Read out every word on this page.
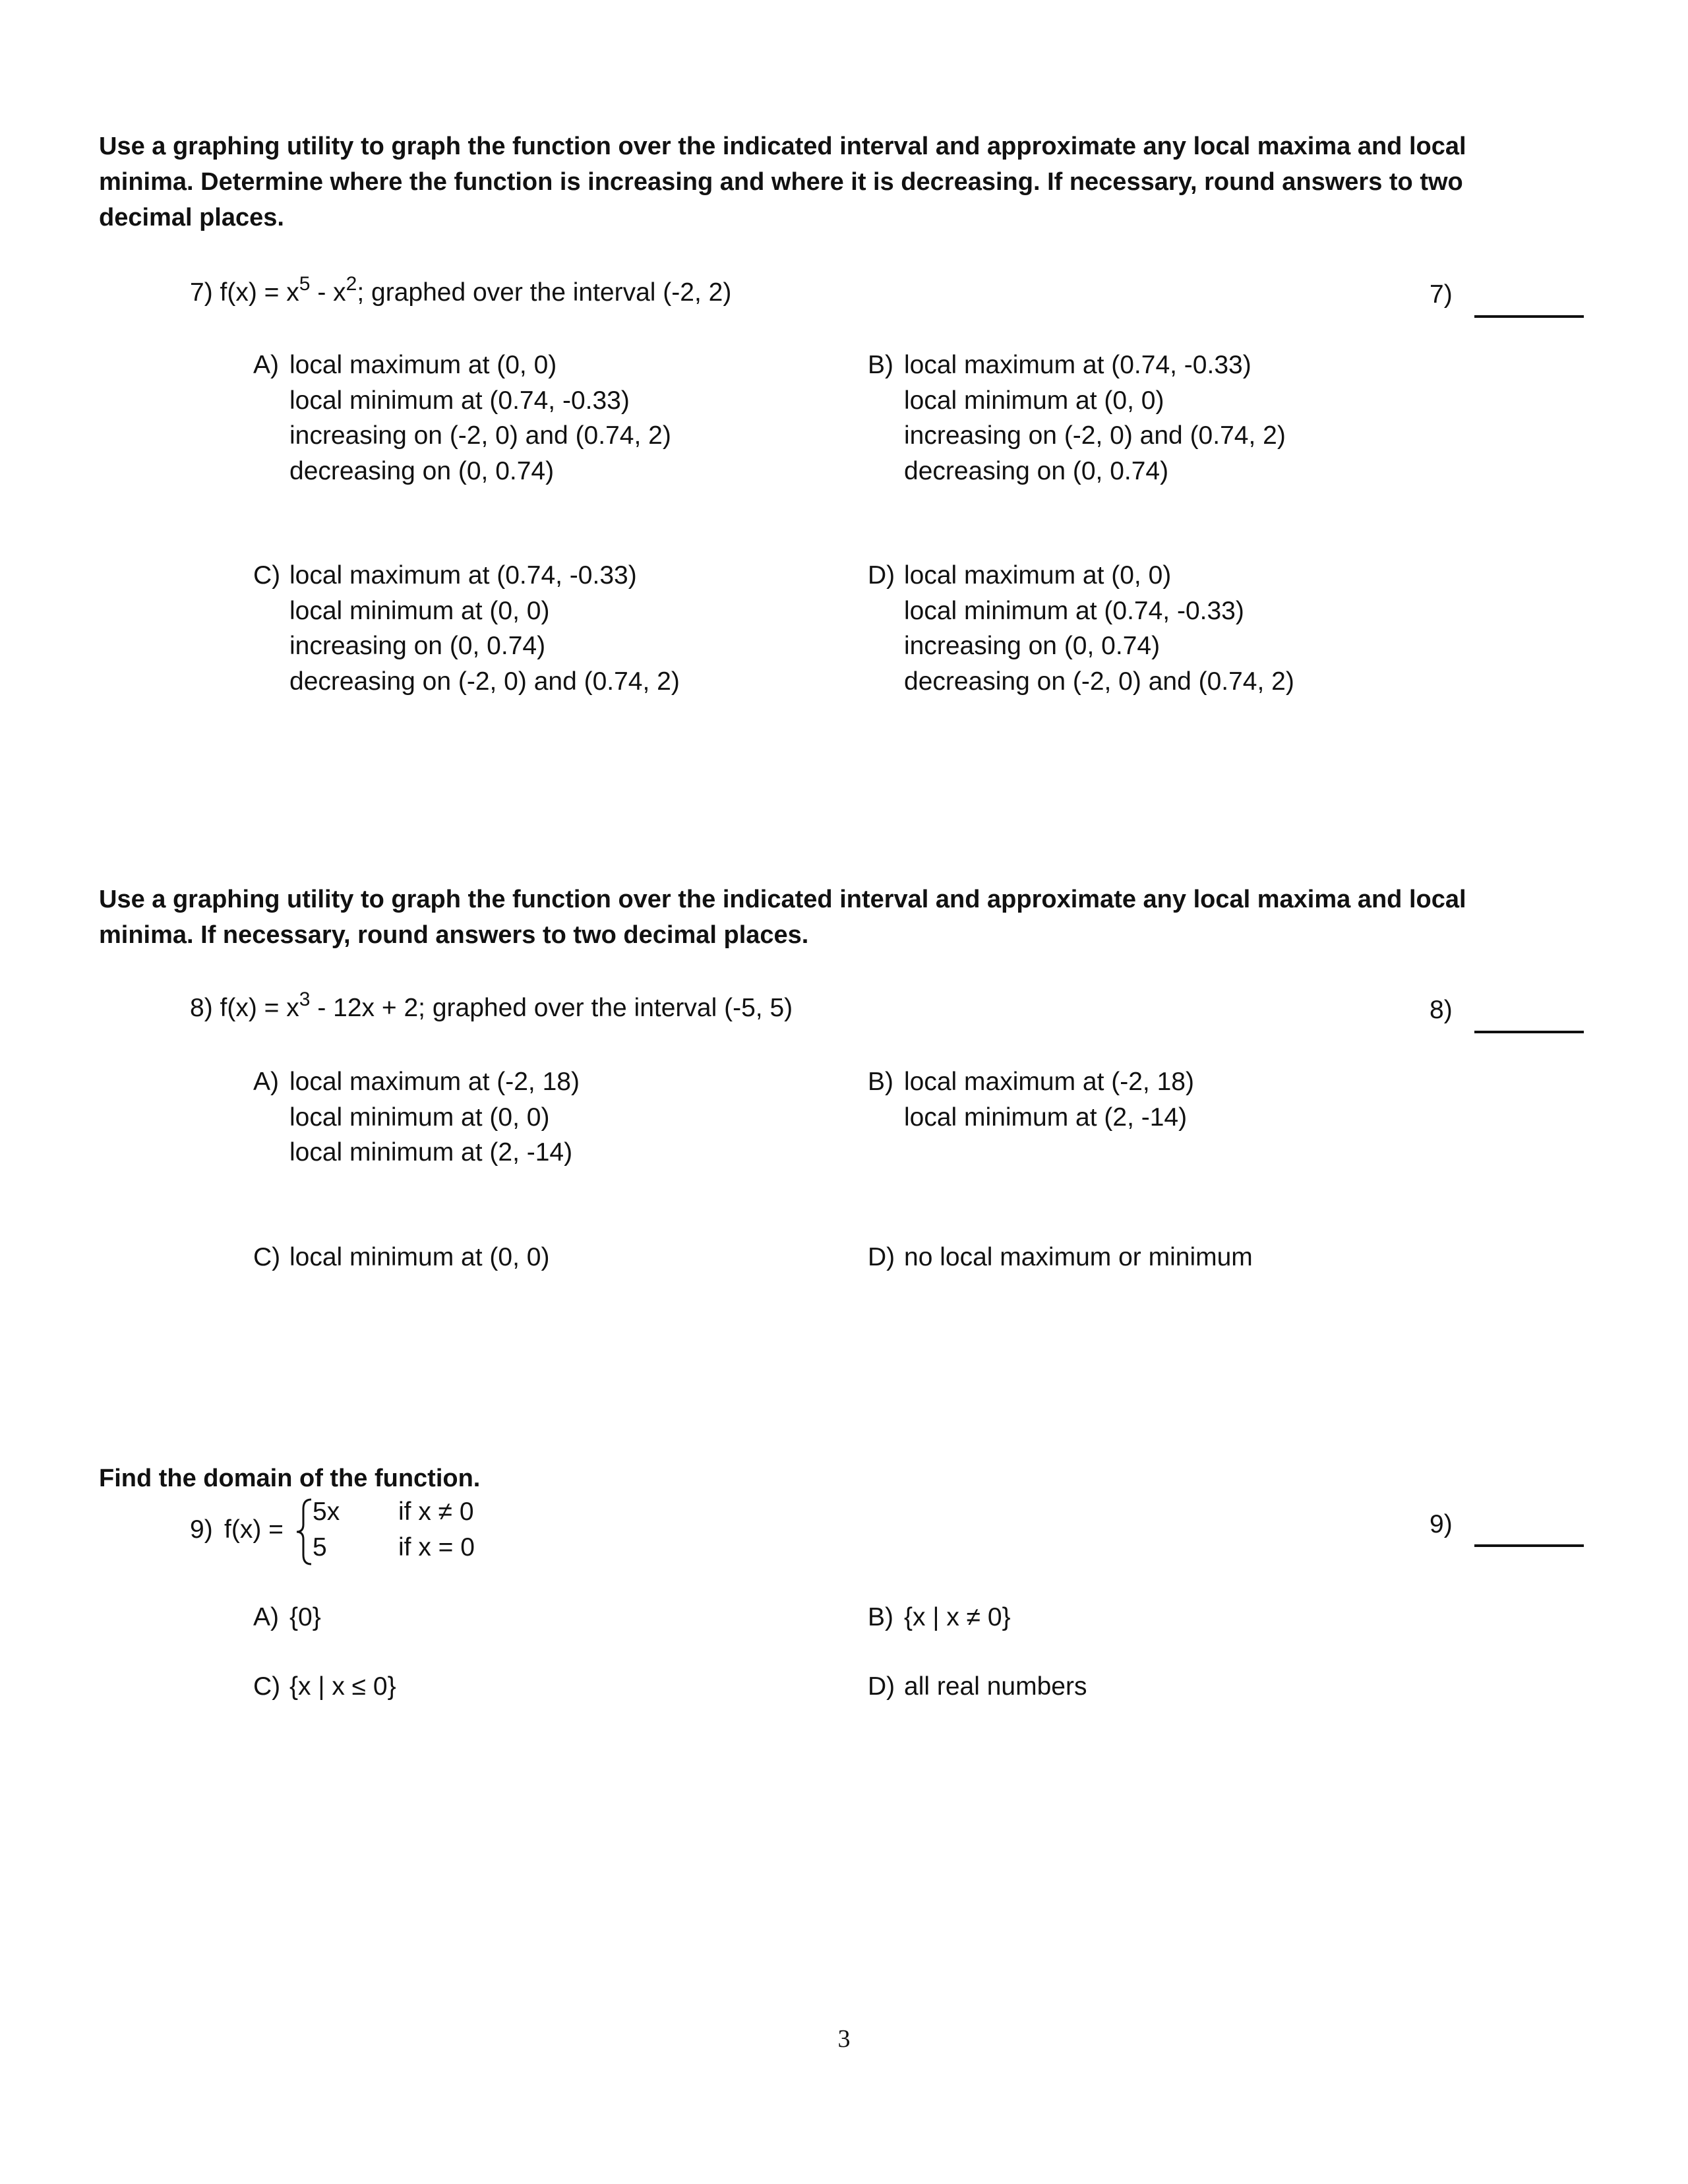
Use a graphing utility to graph the function over the indicated interval and approximate any local maxima and local minima. Determine where the function is increasing and where it is decreasing. If necessary, round answers to two decimal places.

7) $f(x) = x^5 - x^2$; graphed over the interval (-2, 2)	7)
A) local maximum at (0, 0)
local minimum at (0.74, -0.33)
increasing on (-2, 0) and (0.74, 2)
decreasing on (0, 0.74)
B) local maximum at (0.74, -0.33)
local minimum at (0, 0)
increasing on (-2, 0) and (0.74, 2)
decreasing on (0, 0.74)
C) local maximum at (0.74, -0.33)
local minimum at (0, 0)
increasing on (0, 0.74)
decreasing on (-2, 0) and (0.74, 2)
D) local maximum at (0, 0)
local minimum at (0.74, -0.33)
increasing on (0, 0.74)
decreasing on (-2, 0) and (0.74, 2)

Use a graphing utility to graph the function over the indicated interval and approximate any local maxima and local minima. If necessary, round answers to two decimal places.

8) $f(x) = x^3 - 12x + 2$; graphed over the interval (-5, 5)	8)
A) local maximum at (-2, 18)
local minimum at (0, 0)
local minimum at (2, -14)
B) local maximum at (-2, 18)
local minimum at (2, -14)
C) local minimum at (0, 0)	D) no local maximum or minimum

Find the domain of the function.

9) f(x) =
5x if x ≠ 0
5	if x = 0
9)
A) {0}	B) {x | x ≠ 0}
C) {x | x ≤ 0}	D) all real numbers
3
